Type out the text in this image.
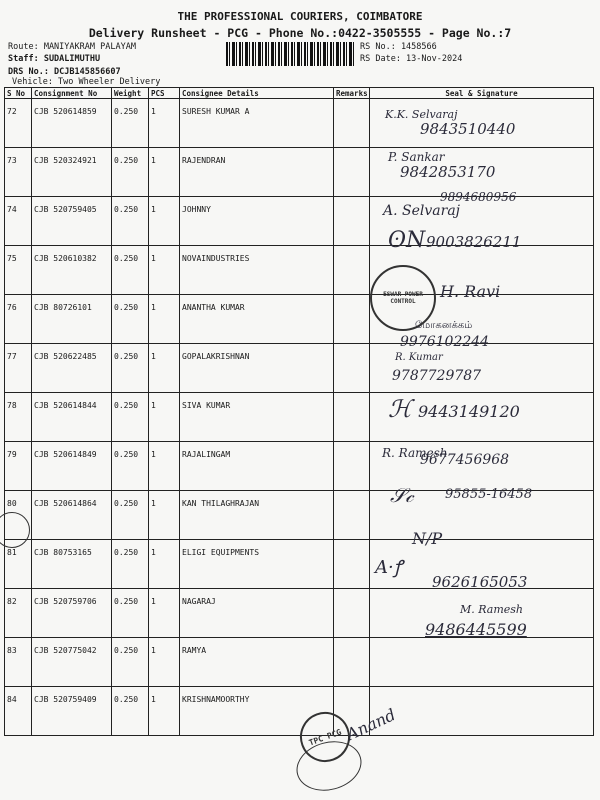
THE PROFESSIONAL COURIERS, COIMBATORE
Delivery Runsheet - PCG - Phone No.:0422-3505555 - Page No.:7
Route: MANIYAKRAM PALAYAM
Staff: SUDALIMUTHU
DRS No.: DCJB145856607
Vehicle: Two Wheeler Delivery
RS No.: 1458566
RS Date: 13-Nov-2024
S No	Consignment No	Weight	PCS	Consignee Details	Remarks	Seal & Signature
72	CJB 520614859	0.250	1	SURESH KUMAR A		
73	CJB 520324921	0.250	1	RAJENDRAN		
74	CJB 520759405	0.250	1	JOHNNY		
75	CJB 520610382	0.250	1	NOVAINDUSTRIES		
76	CJB 80726101	0.250	1	ANANTHA KUMAR		
77	CJB 520622485	0.250	1	GOPALAKRISHNAN		
78	CJB 520614844	0.250	1	SIVA KUMAR		
79	CJB 520614849	0.250	1	RAJALINGAM		
80	CJB 520614864	0.250	1	KAN THILAGHRAJAN		
81	CJB 80753165	0.250	1	ELIGI EQUIPMENTS		
82	CJB 520759706	0.250	1	NAGARAJ		
83	CJB 520775042	0.250	1	RAMYA		
84	CJB 520759409	0.250	1	KRISHNAMOORTHY		
K.K. Selvaraj
9843510440
P. Sankar
9842853170
9894680956
A. Selvaraj
ʘN 9003826211
ESWAR POWER CONTROL
H. Ravi
மோகனக்கம்
9976102244
R. Kumar
9787729787
ℋ 9443149120
R. Ramesh
9677456968
𝒮𝒸 95855-16458
N/P
A·ꝭ
9626165053
M. Ramesh
9486445599
TPC PCG Anand
